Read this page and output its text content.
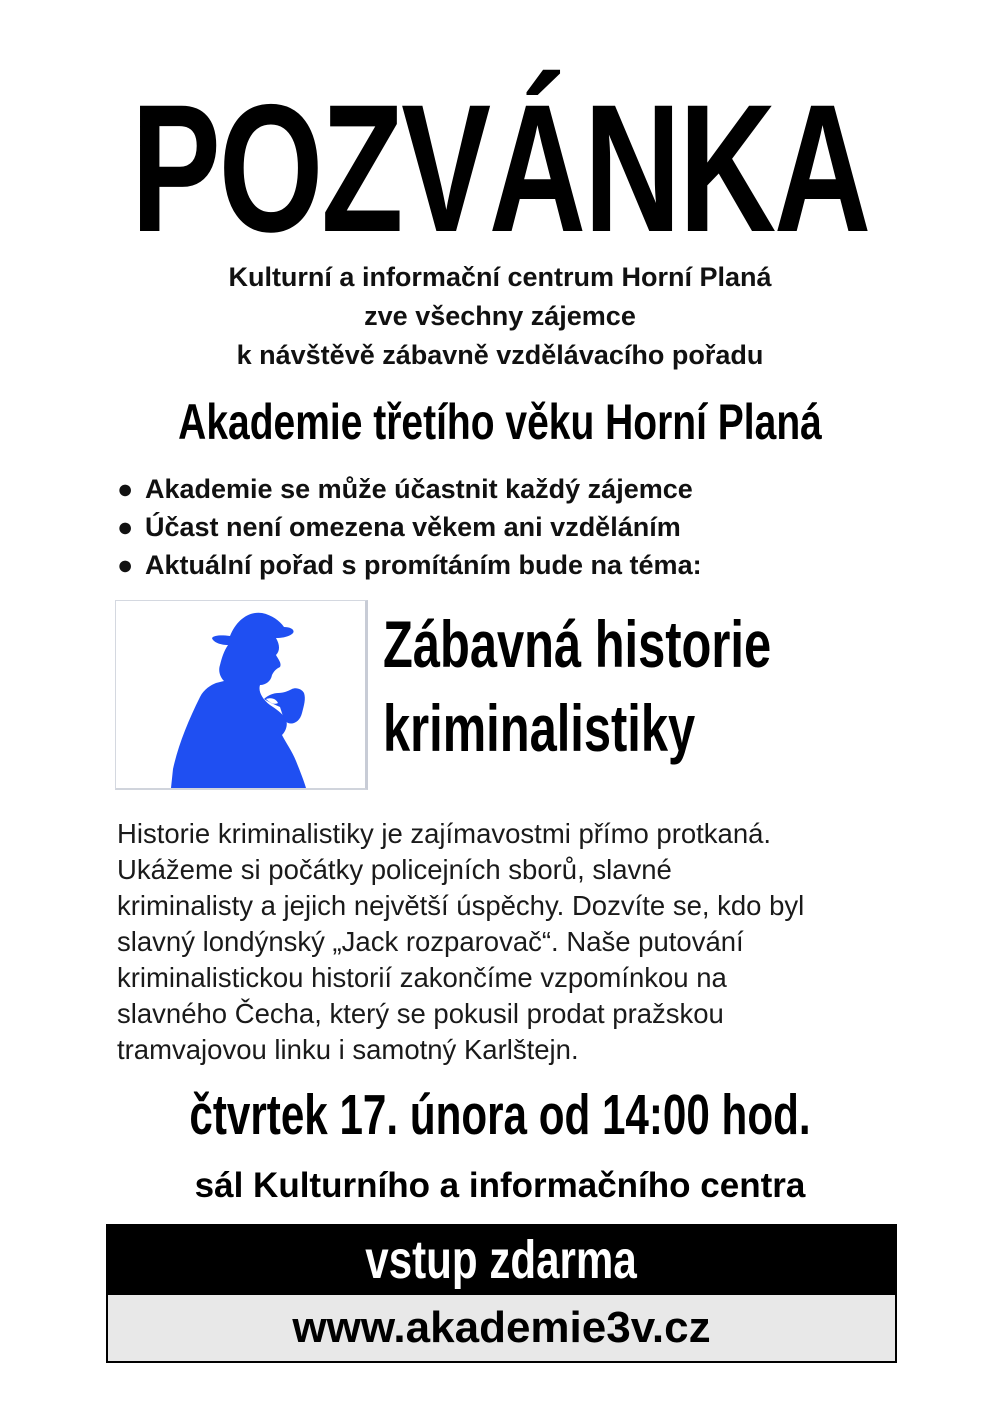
POZVÁNKA
Kulturní a informační centrum Horní Planá
zve všechny zájemce
k návštěvě zábavně vzdělávacího pořadu
Akademie třetího věku Horní Planá
● Akademie se může účastnit každý zájemce
● Účast není omezena věkem ani vzděláním
● Aktuální pořad s promítáním bude na téma:
Zábavná historie
kriminalistiky
Historie kriminalistiky je zajímavostmi přímo protkaná.
Ukážeme si počátky policejních sborů, slavné
kriminalisty a jejich největší úspěchy. Dozvíte se, kdo byl
slavný londýnský „Jack rozparovač“. Naše putování
kriminalistickou historií zakončíme vzpomínkou na
slavného Čecha, který se pokusil prodat pražskou
tramvajovou linku i samotný Karlštejn.
čtvrtek 17. února od 14:00 hod.
sál Kulturního a informačního centra
vstup zdarma
www.akademie3v.cz
